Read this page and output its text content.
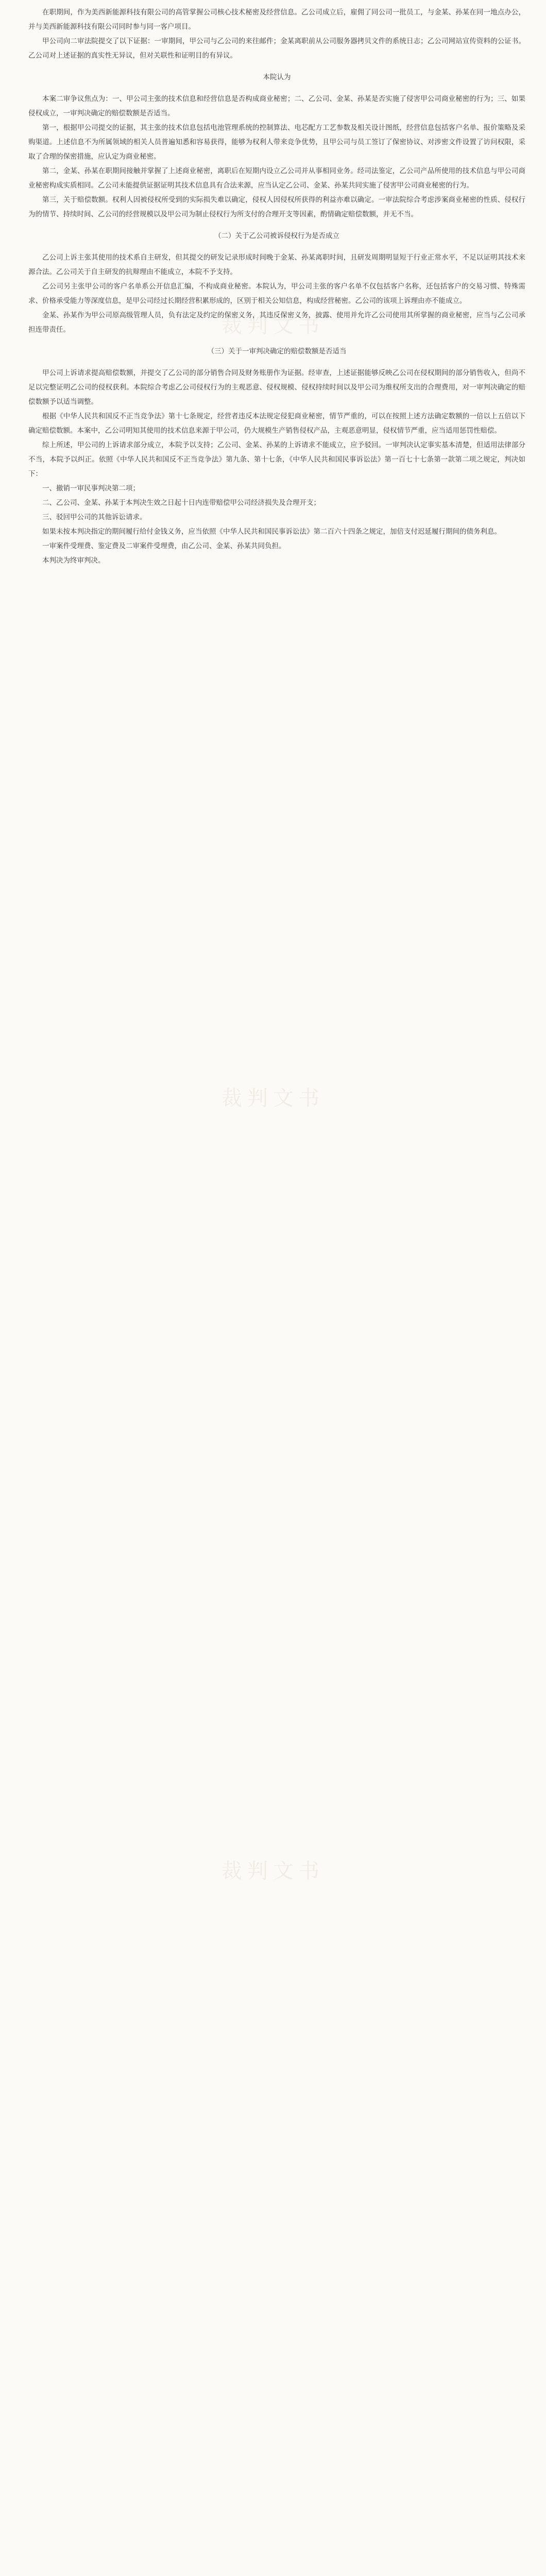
裁判文书
裁判文书
裁判文书

在职期间，作为美西新能源科技有限公司的高管掌握公司核心技术秘密及经营信息。乙公司成立后，雇佣了同公司一批员工，与金某、孙某在同一地点办公，并与美西新能源科技有限公司同时参与同一客户项目。

甲公司向二审法院提交了以下证据：一审期间，甲公司与乙公司的来往邮件；金某离职前从公司服务器拷贝文件的系统日志；乙公司网站宣传资料的公证书。乙公司对上述证据的真实性无异议，但对关联性和证明目的有异议。

本院认为

本案二审争议焦点为：一、甲公司主张的技术信息和经营信息是否构成商业秘密；二、乙公司、金某、孙某是否实施了侵害甲公司商业秘密的行为；三、如果侵权成立，一审判决确定的赔偿数额是否适当。

第一，根据甲公司提交的证据，其主张的技术信息包括电池管理系统的控制算法、电芯配方工艺参数及相关设计图纸，经营信息包括客户名单、报价策略及采购渠道。上述信息不为所属领域的相关人员普遍知悉和容易获得，能够为权利人带来竞争优势，且甲公司与员工签订了保密协议、对涉密文件设置了访问权限，采取了合理的保密措施，应认定为商业秘密。

第二，金某、孙某在职期间接触并掌握了上述商业秘密，离职后在短期内设立乙公司并从事相同业务。经司法鉴定，乙公司产品所使用的技术信息与甲公司商业秘密构成实质相同。乙公司未能提供证据证明其技术信息具有合法来源，应当认定乙公司、金某、孙某共同实施了侵害甲公司商业秘密的行为。

第三，关于赔偿数额。权利人因被侵权所受到的实际损失难以确定，侵权人因侵权所获得的利益亦难以确定。一审法院综合考虑涉案商业秘密的性质、侵权行为的情节、持续时间、乙公司的经营规模以及甲公司为制止侵权行为所支付的合理开支等因素，酌情确定赔偿数额，并无不当。

（二）关于乙公司被诉侵权行为是否成立

乙公司上诉主张其使用的技术系自主研发，但其提交的研发记录形成时间晚于金某、孙某离职时间，且研发周期明显短于行业正常水平，不足以证明其技术来源合法。乙公司关于自主研发的抗辩理由不能成立，本院不予支持。

乙公司另主张甲公司的客户名单系公开信息汇编，不构成商业秘密。本院认为，甲公司主张的客户名单不仅包括客户名称，还包括客户的交易习惯、特殊需求、价格承受能力等深度信息，是甲公司经过长期经营积累形成的，区别于相关公知信息，构成经营秘密。乙公司的该项上诉理由亦不能成立。

金某、孙某作为甲公司原高级管理人员，负有法定及约定的保密义务，其违反保密义务，披露、使用并允许乙公司使用其所掌握的商业秘密，应当与乙公司承担连带责任。

（三）关于一审判决确定的赔偿数额是否适当

甲公司上诉请求提高赔偿数额，并提交了乙公司的部分销售合同及财务账册作为证据。经审查，上述证据能够反映乙公司在侵权期间的部分销售收入，但尚不足以完整证明乙公司的侵权获利。本院综合考虑乙公司侵权行为的主观恶意、侵权规模、侵权持续时间以及甲公司为维权所支出的合理费用，对一审判决确定的赔偿数额予以适当调整。

根据《中华人民共和国反不正当竞争法》第十七条规定，经营者违反本法规定侵犯商业秘密，情节严重的，可以在按照上述方法确定数额的一倍以上五倍以下确定赔偿数额。本案中，乙公司明知其使用的技术信息来源于甲公司，仍大规模生产销售侵权产品，主观恶意明显，侵权情节严重，应当适用惩罚性赔偿。

综上所述，甲公司的上诉请求部分成立，本院予以支持；乙公司、金某、孙某的上诉请求不能成立，应予驳回。一审判决认定事实基本清楚，但适用法律部分不当，本院予以纠正。依照《中华人民共和国反不正当竞争法》第九条、第十七条，《中华人民共和国民事诉讼法》第一百七十七条第一款第二项之规定，判决如下：

一、撤销一审民事判决第二项；

二、乙公司、金某、孙某于本判决生效之日起十日内连带赔偿甲公司经济损失及合理开支；

三、驳回甲公司的其他诉讼请求。

如果未按本判决指定的期间履行给付金钱义务，应当依照《中华人民共和国民事诉讼法》第二百六十四条之规定，加倍支付迟延履行期间的债务利息。

一审案件受理费、鉴定费及二审案件受理费，由乙公司、金某、孙某共同负担。

本判决为终审判决。
